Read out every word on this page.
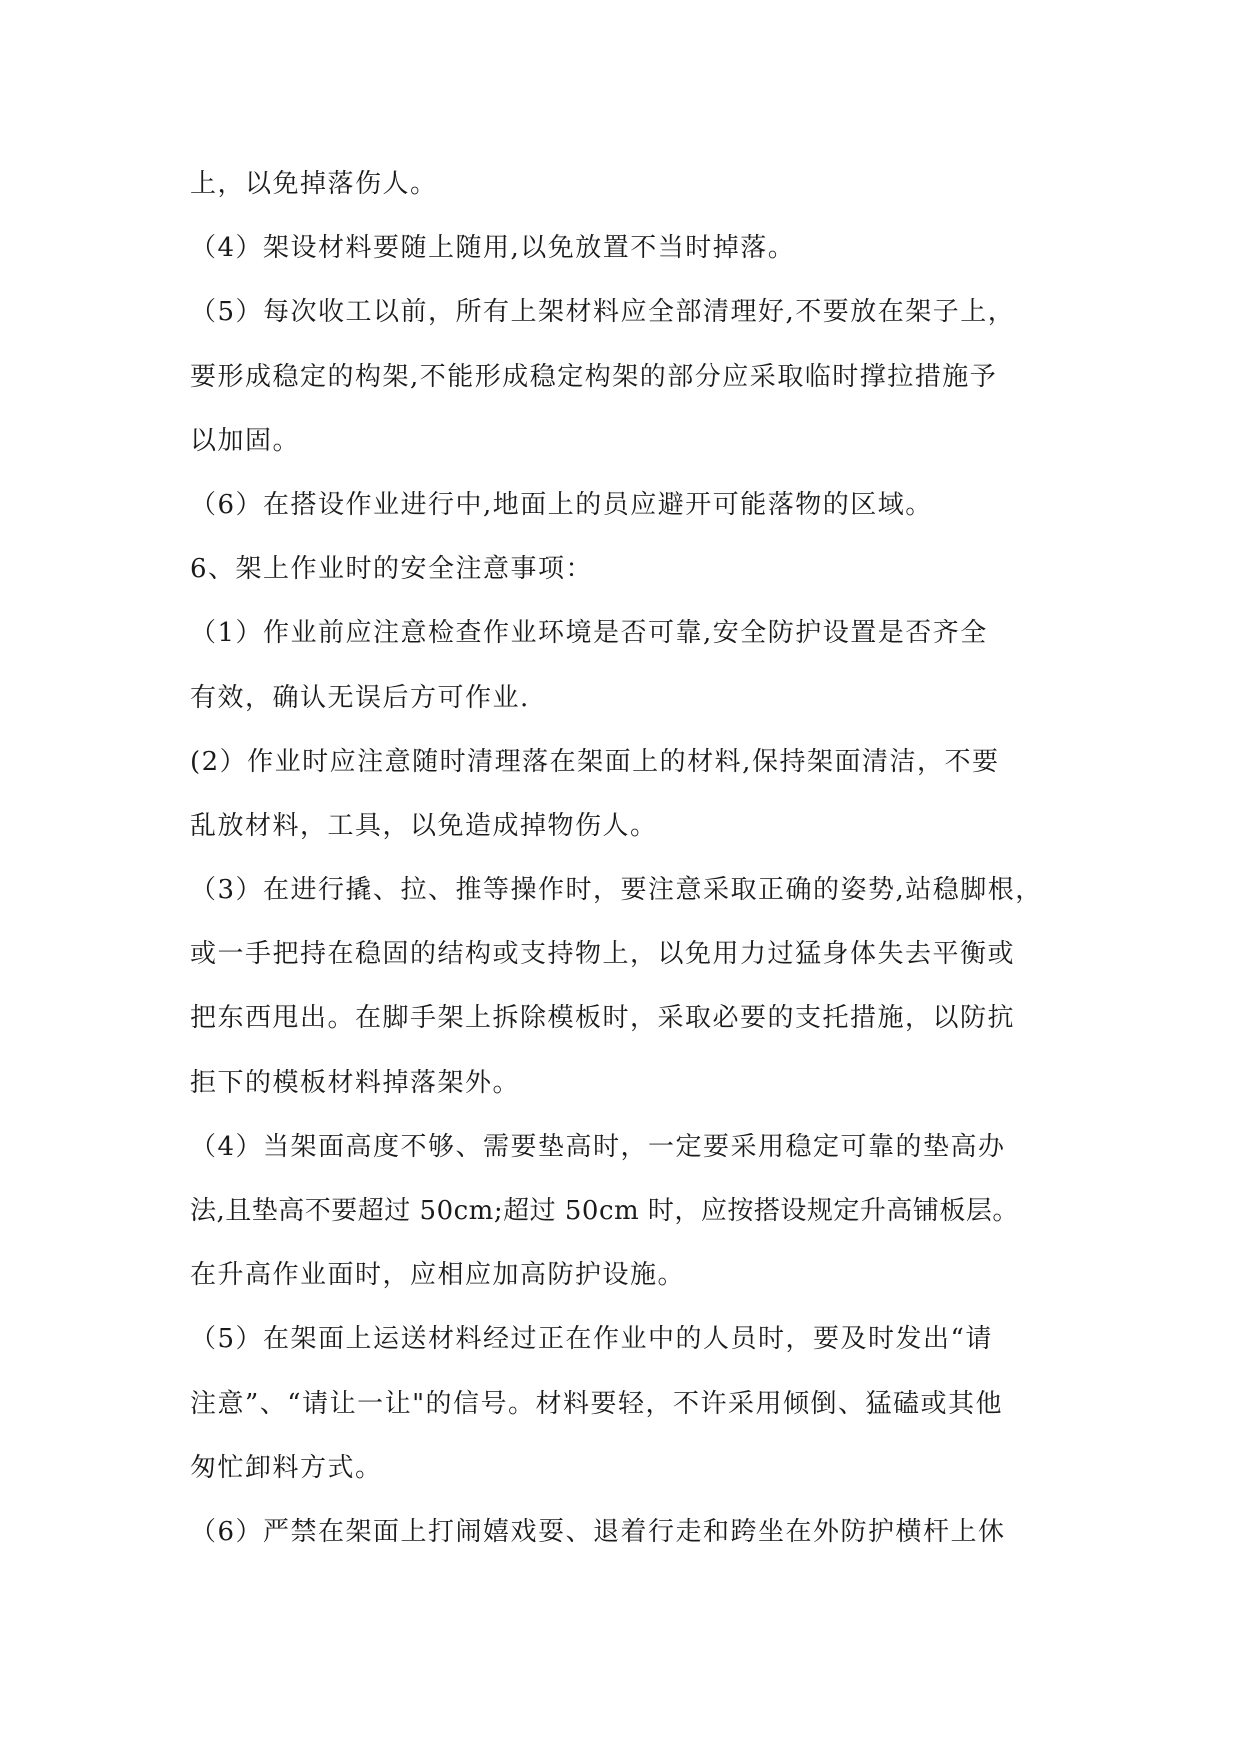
上，以免掉落伤人。
（4）架设材料要随上随用,以免放置不当时掉落。
（5）每次收工以前，所有上架材料应全部清理好,不要放在架子上，
要形成稳定的构架,不能形成稳定构架的部分应采取临时撑拉措施予
以加固。
（6）在搭设作业进行中,地面上的员应避开可能落物的区域。
6、架上作业时的安全注意事项：
（1）作业前应注意检查作业环境是否可靠,安全防护设置是否齐全
有效，确认无误后方可作业.
(2）作业时应注意随时清理落在架面上的材料,保持架面清洁，不要
乱放材料，工具，以免造成掉物伤人。
（3）在进行撬、拉、推等操作时，要注意采取正确的姿势,站稳脚根，
或一手把持在稳固的结构或支持物上，以免用力过猛身体失去平衡或
把东西甩出。在脚手架上拆除模板时，采取必要的支托措施，以防抗
拒下的模板材料掉落架外。
（4）当架面高度不够、需要垫高时，一定要采用稳定可靠的垫高办
法,且垫高不要超过 50cm;超过 50cm 时，应按搭设规定升高铺板层。
在升高作业面时，应相应加高防护设施。
（5）在架面上运送材料经过正在作业中的人员时，要及时发出“请
注意”、“请让一让"的信号。材料要轻，不许采用倾倒、猛磕或其他
匆忙卸料方式。
（6）严禁在架面上打闹嬉戏耍、退着行走和跨坐在外防护横杆上休
